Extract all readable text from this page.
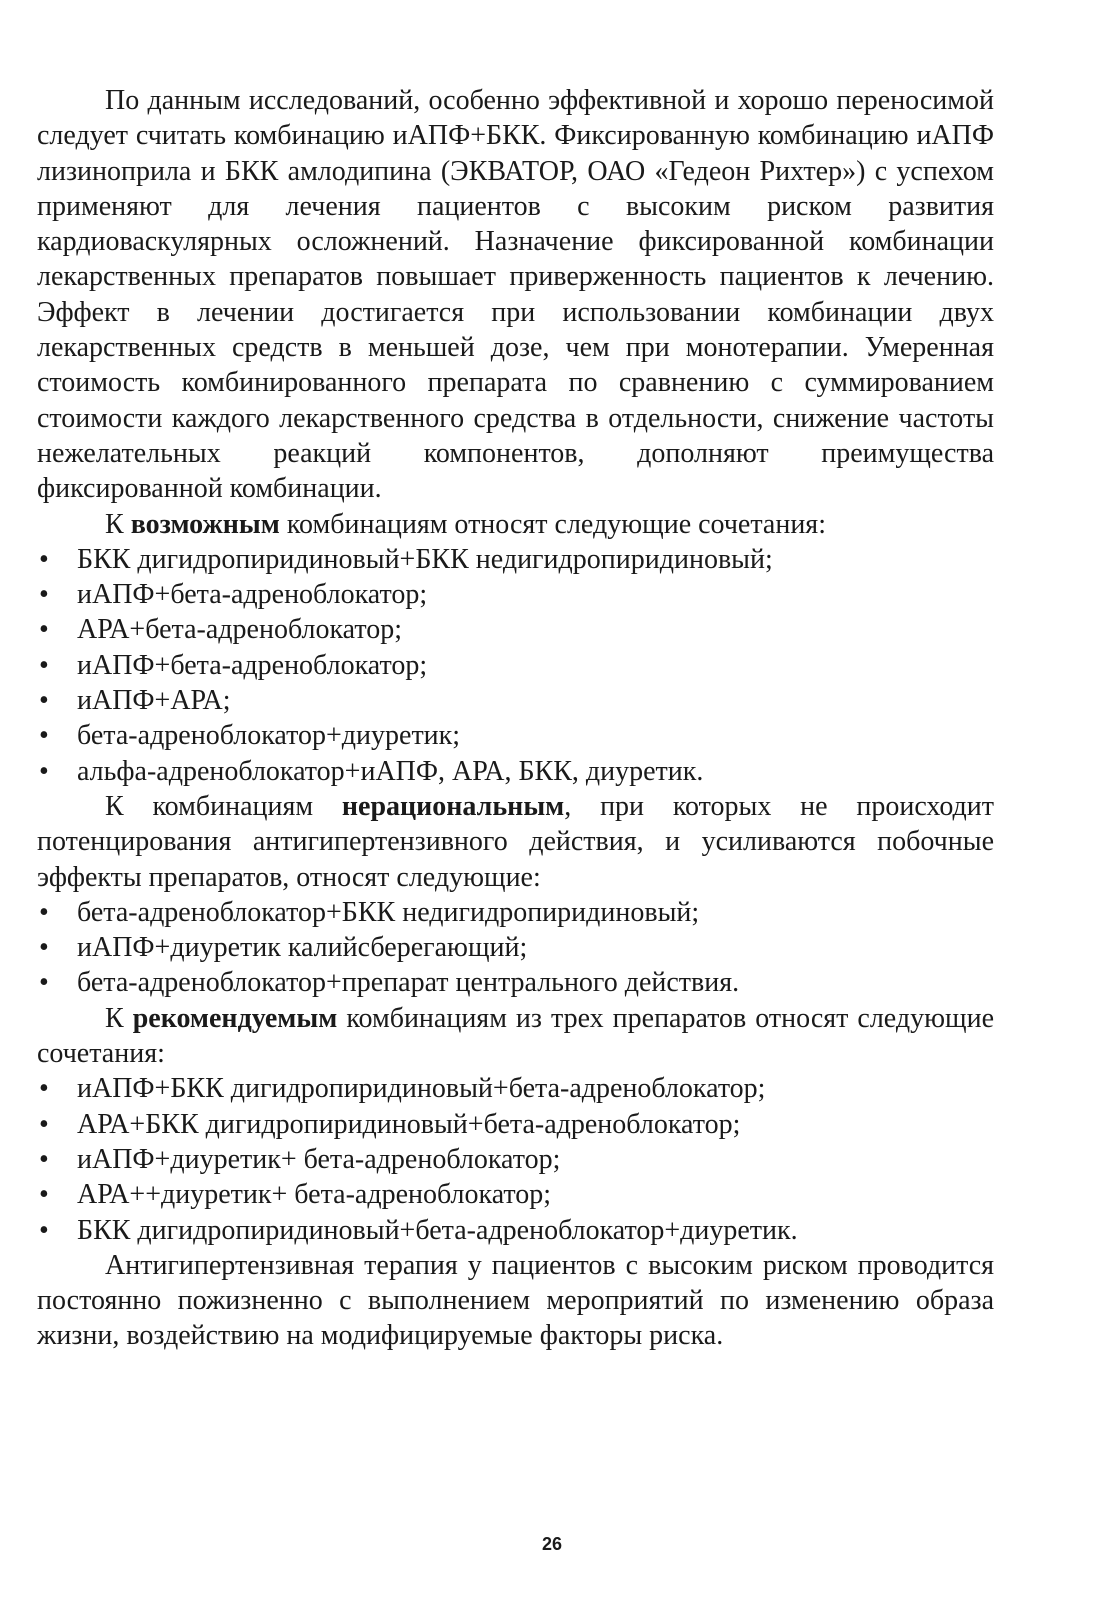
По данным исследований, особенно эффективной и хорошо переносимой следует считать комбинацию иАПФ+БКК. Фиксированную комбинацию иАПФ лизиноприла и БКК амлодипина (ЭКВАТОР, ОАО «Гедеон Рихтер») с успехом применяют для лечения пациентов с высоким риском развития кардиоваскулярных осложнений. Назначение фиксированной комбинации лекарственных препаратов повышает приверженность пациентов к лечению. Эффект в лечении достигается при использовании комбинации двух лекарственных средств в меньшей дозе, чем при монотерапии. Умеренная стоимость комбинированного препарата по сравнению с суммированием стоимости каждого лекарственного средства в отдельности, снижение частоты нежелательных реакций компонентов, дополняют преимущества фиксированной комбинации.

К возможным комбинациям относят следующие сочетания:

• БКК дигидропиридиновый+БКК недигидропиридиновый;
• иАПФ+бета-адреноблокатор;
• АРА+бета-адреноблокатор;
• иАПФ+бета-адреноблокатор;
• иАПФ+АРА;
• бета-адреноблокатор+диуретик;
• альфа-адреноблокатор+иАПФ, АРА, БКК, диуретик.

К комбинациям нерациональным, при которых не происходит потенцирования антигипертензивного действия, и усиливаются побочные эффекты препаратов, относят следующие:

• бета-адреноблокатор+БКК недигидропиридиновый;
• иАПФ+диуретик калийсберегающий;
• бета-адреноблокатор+препарат центрального действия.

К рекомендуемым комбинациям из трех препаратов относят следующие сочетания:

• иАПФ+БКК дигидропиридиновый+бета-адреноблокатор;
• АРА+БКК дигидропиридиновый+бета-адреноблокатор;
• иАПФ+диуретик+ бета-адреноблокатор;
• АРА++диуретик+ бета-адреноблокатор;
• БКК дигидропиридиновый+бета-адреноблокатор+диуретик.

Антигипертензивная терапия у пациентов с высоким риском проводится постоянно пожизненно с выполнением мероприятий по изменению образа жизни, воздействию на модифицируемые факторы риска.

26
